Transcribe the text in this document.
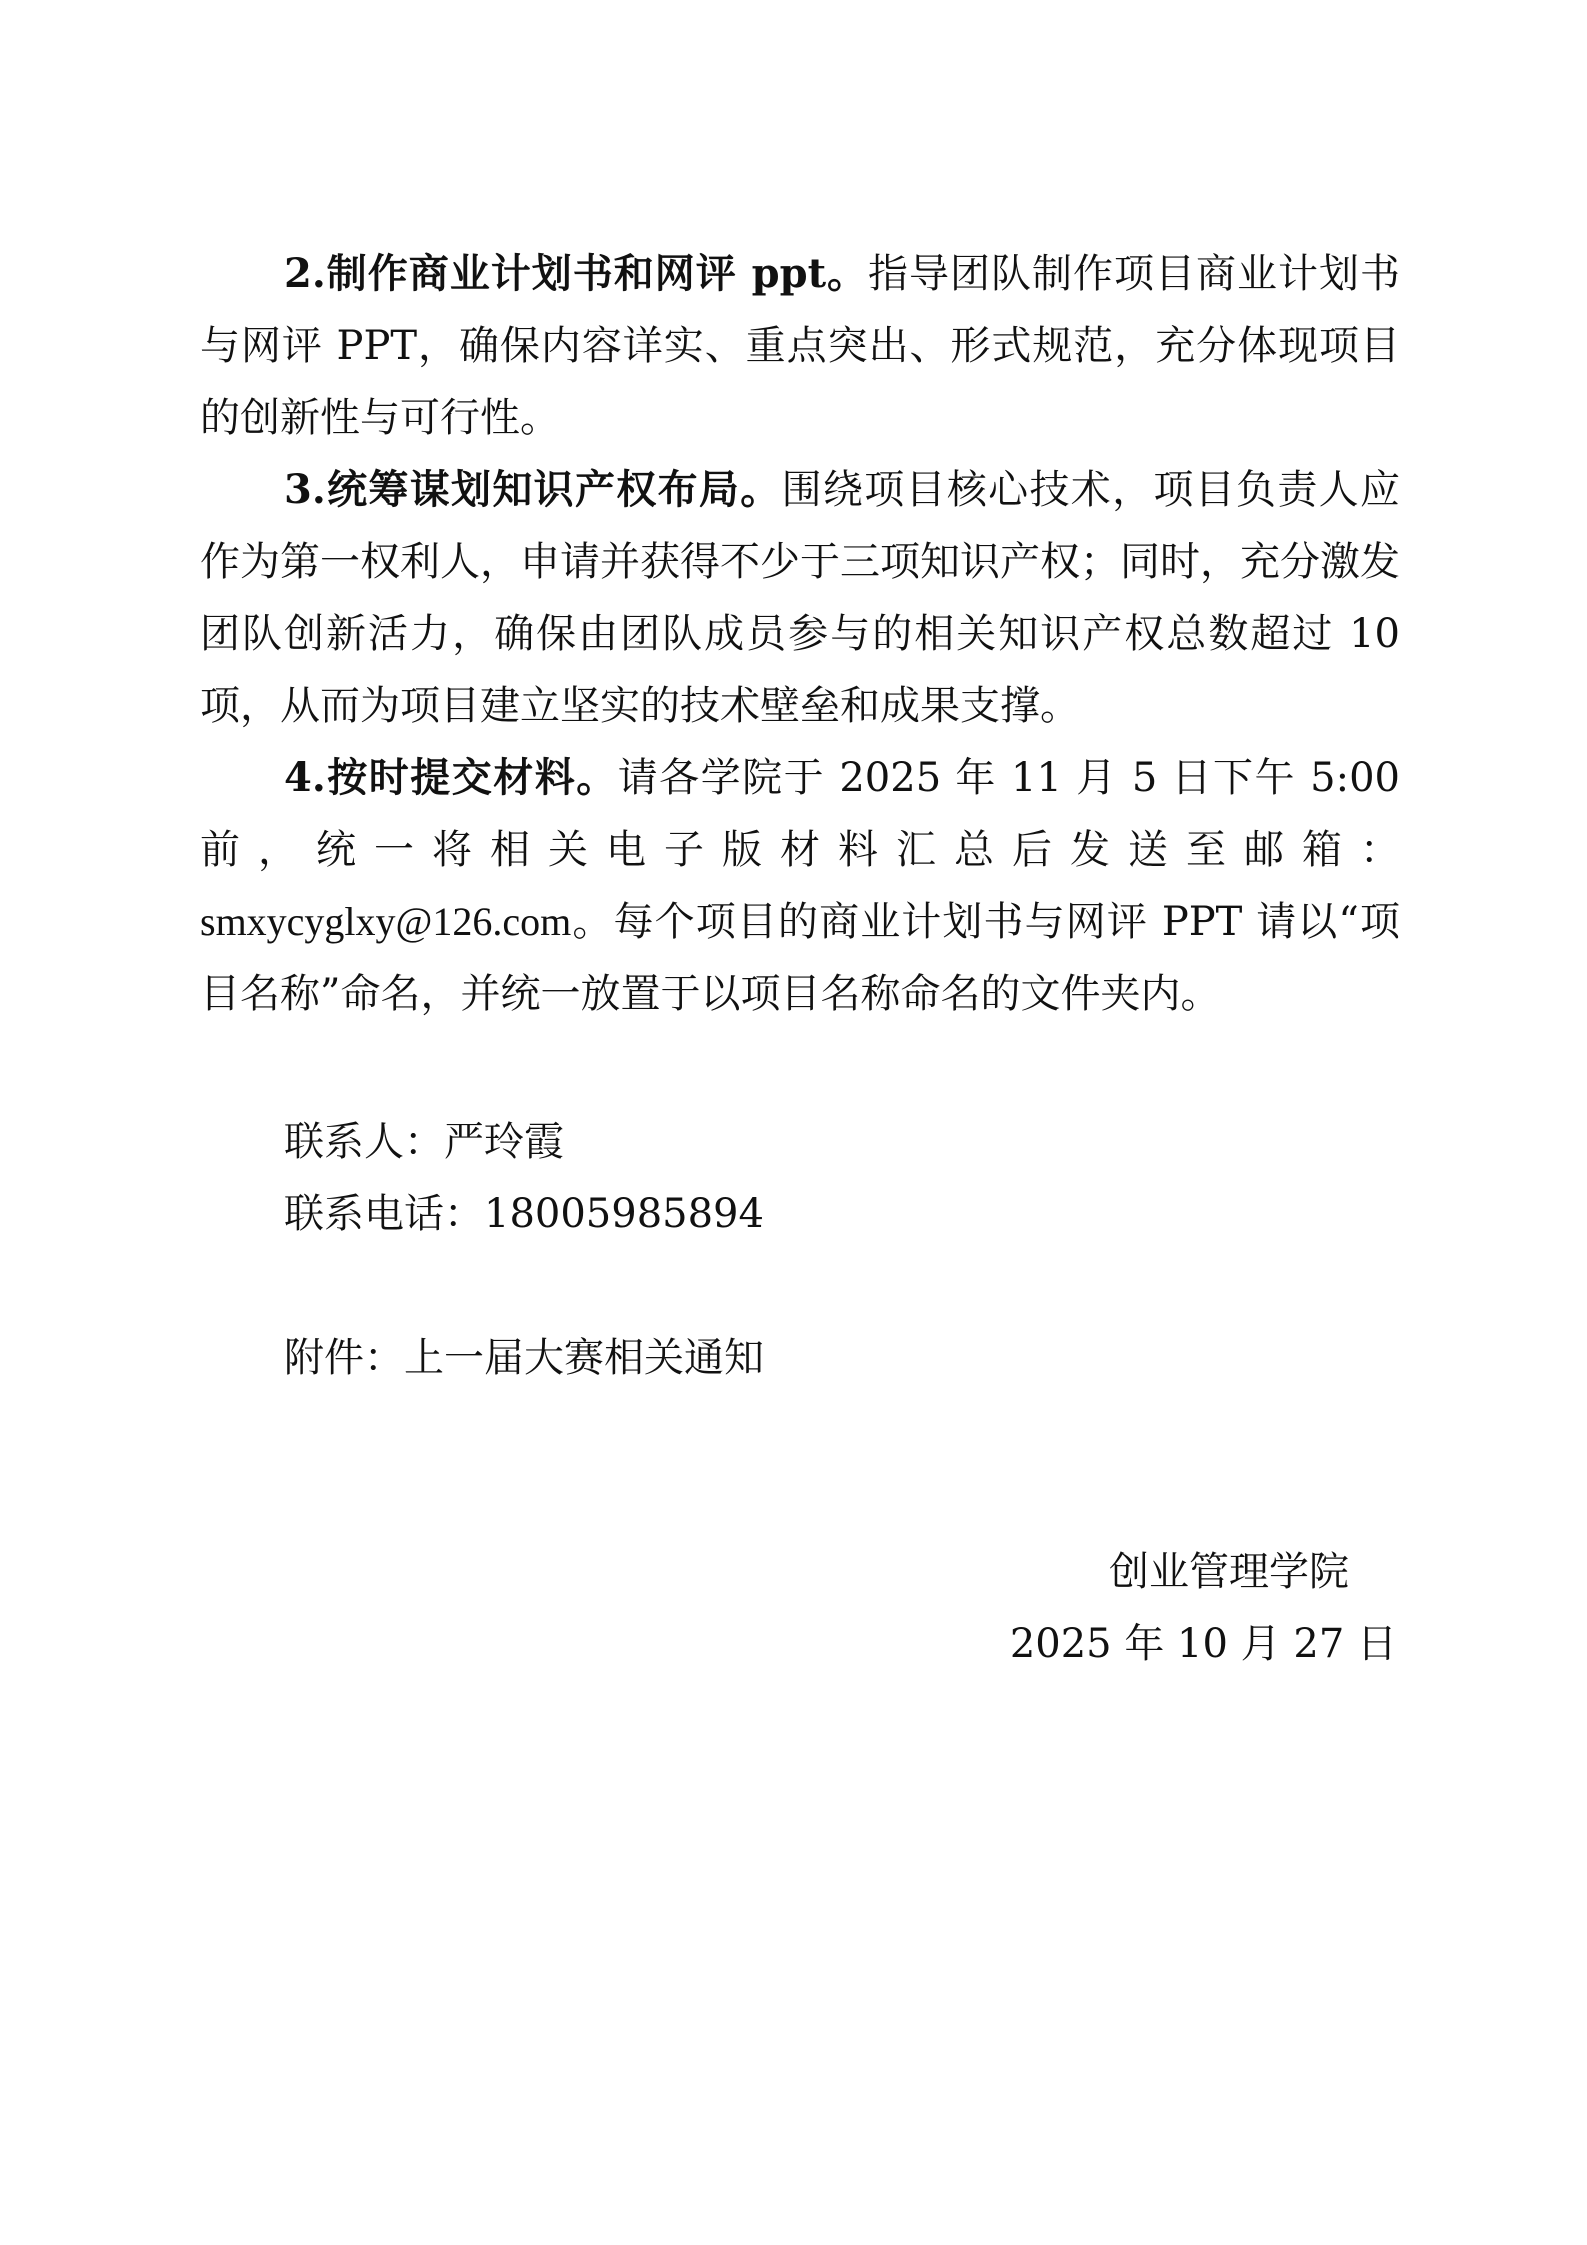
2.制作商业计划书和网评 ppt。指导团队制作项目商业计划书与网评 PPT，确保内容详实、重点突出、形式规范，充分体现项目的创新性与可行性。

3.统筹谋划知识产权布局。围绕项目核心技术，项目负责人应作为第一权利人，申请并获得不少于三项知识产权；同时，充分激发团队创新活力，确保由团队成员参与的相关知识产权总数超过 10 项，从而为项目建立坚实的技术壁垒和成果支撑。

4.按时提交材料。请各学院于 2025 年 11 月 5 日下午 5:00 前，统一将相关电子版材料汇总后发送至邮箱：smxycyglxy@126.com。每个项目的商业计划书与网评 PPT 请以“项目名称”命名，并统一放置于以项目名称命名的文件夹内。

联系人：严玲霞

联系电话：18005985894

附件：上一届大赛相关通知

创业管理学院

2025 年 10 月 27 日
